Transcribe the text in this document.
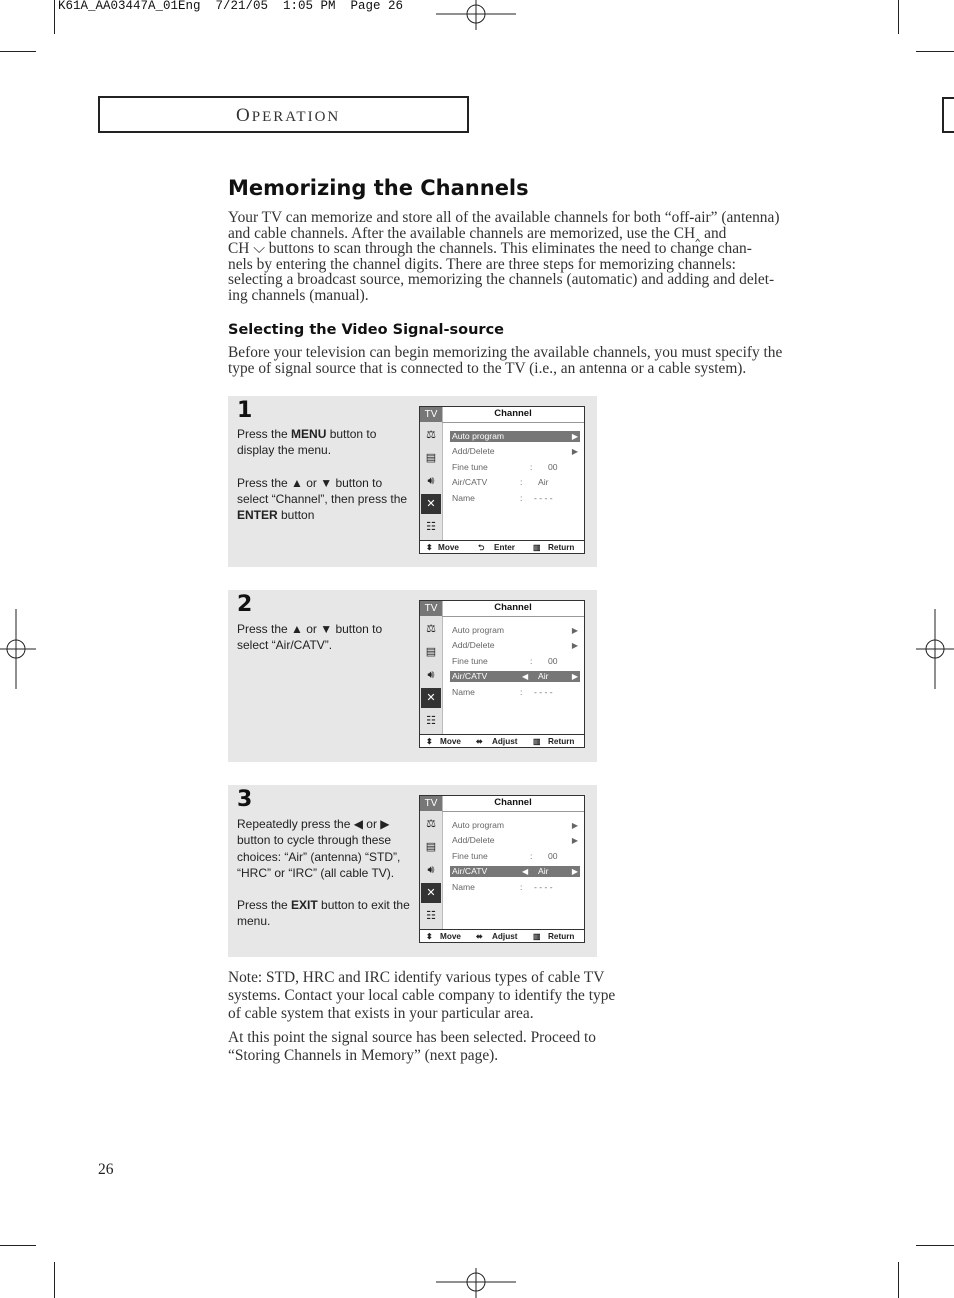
K61A_AA03447A_01Eng  7/21/05  1:05 PM  Page 26
OPERATION
Memorizing the Channels

Your TV can memorize and store all of the available channels for both “off-air” (antenna)

and cable channels. After the available channels are memorized, use the CH‸ and

CH ⌵ buttons to scan through the channels. This eliminates the need to change chan-

nels by entering the channel digits. There are three steps for memorizing channels:

selecting a broadcast source, memorizing the channels (automatic) and adding and delet-

ing channels (manual).

Selecting the Video Signal-source

Before your television can begin memorizing the available channels, you must specify the

type of signal source that is connected to the TV (i.e., an antenna or a cable system).

1

Press the MENU button to display the menu.

Press the ▲ or ▼ button to select “Channel”, then press the ENTER button

TV
⚖
▤
🔊︎
✕
☷
Channel
Auto program	▶
Add/Delete	▶
Fine tune	: 00
Air/CATV	: Air
Name	: - - - -
⬍ Move ⮌ Enter ▥ Return
2

Press the ▲ or ▼ button to select “Air/CATV”.

TV
⚖
▤
🔊︎
✕
☷
Channel
Auto program	▶
Add/Delete	▶
Fine tune	: 00
Air/CATV	◀ Air	▶
Name	: - - - -
⬍ Move ⬌ Adjust ▥ Return
3

Repeatedly press the ◀ or ▶ button to cycle through these choices: “Air” (antenna) “STD”, “HRC” or “IRC” (all cable TV).

Press the EXIT button to exit the menu.

TV
⚖
▤
🔊︎
✕
☷
Channel
Auto program	▶
Add/Delete	▶
Fine tune	: 00
Air/CATV	◀ Air	▶
Name	: - - - -
⬍ Move ⬌ Adjust ▥ Return

Note: STD, HRC and IRC identify various types of cable TV systems. Contact your local cable company to identify the type of cable system that exists in your particular area.

At this point the signal source has been selected. Proceed to “Storing Channels in Memory” (next page).

26
